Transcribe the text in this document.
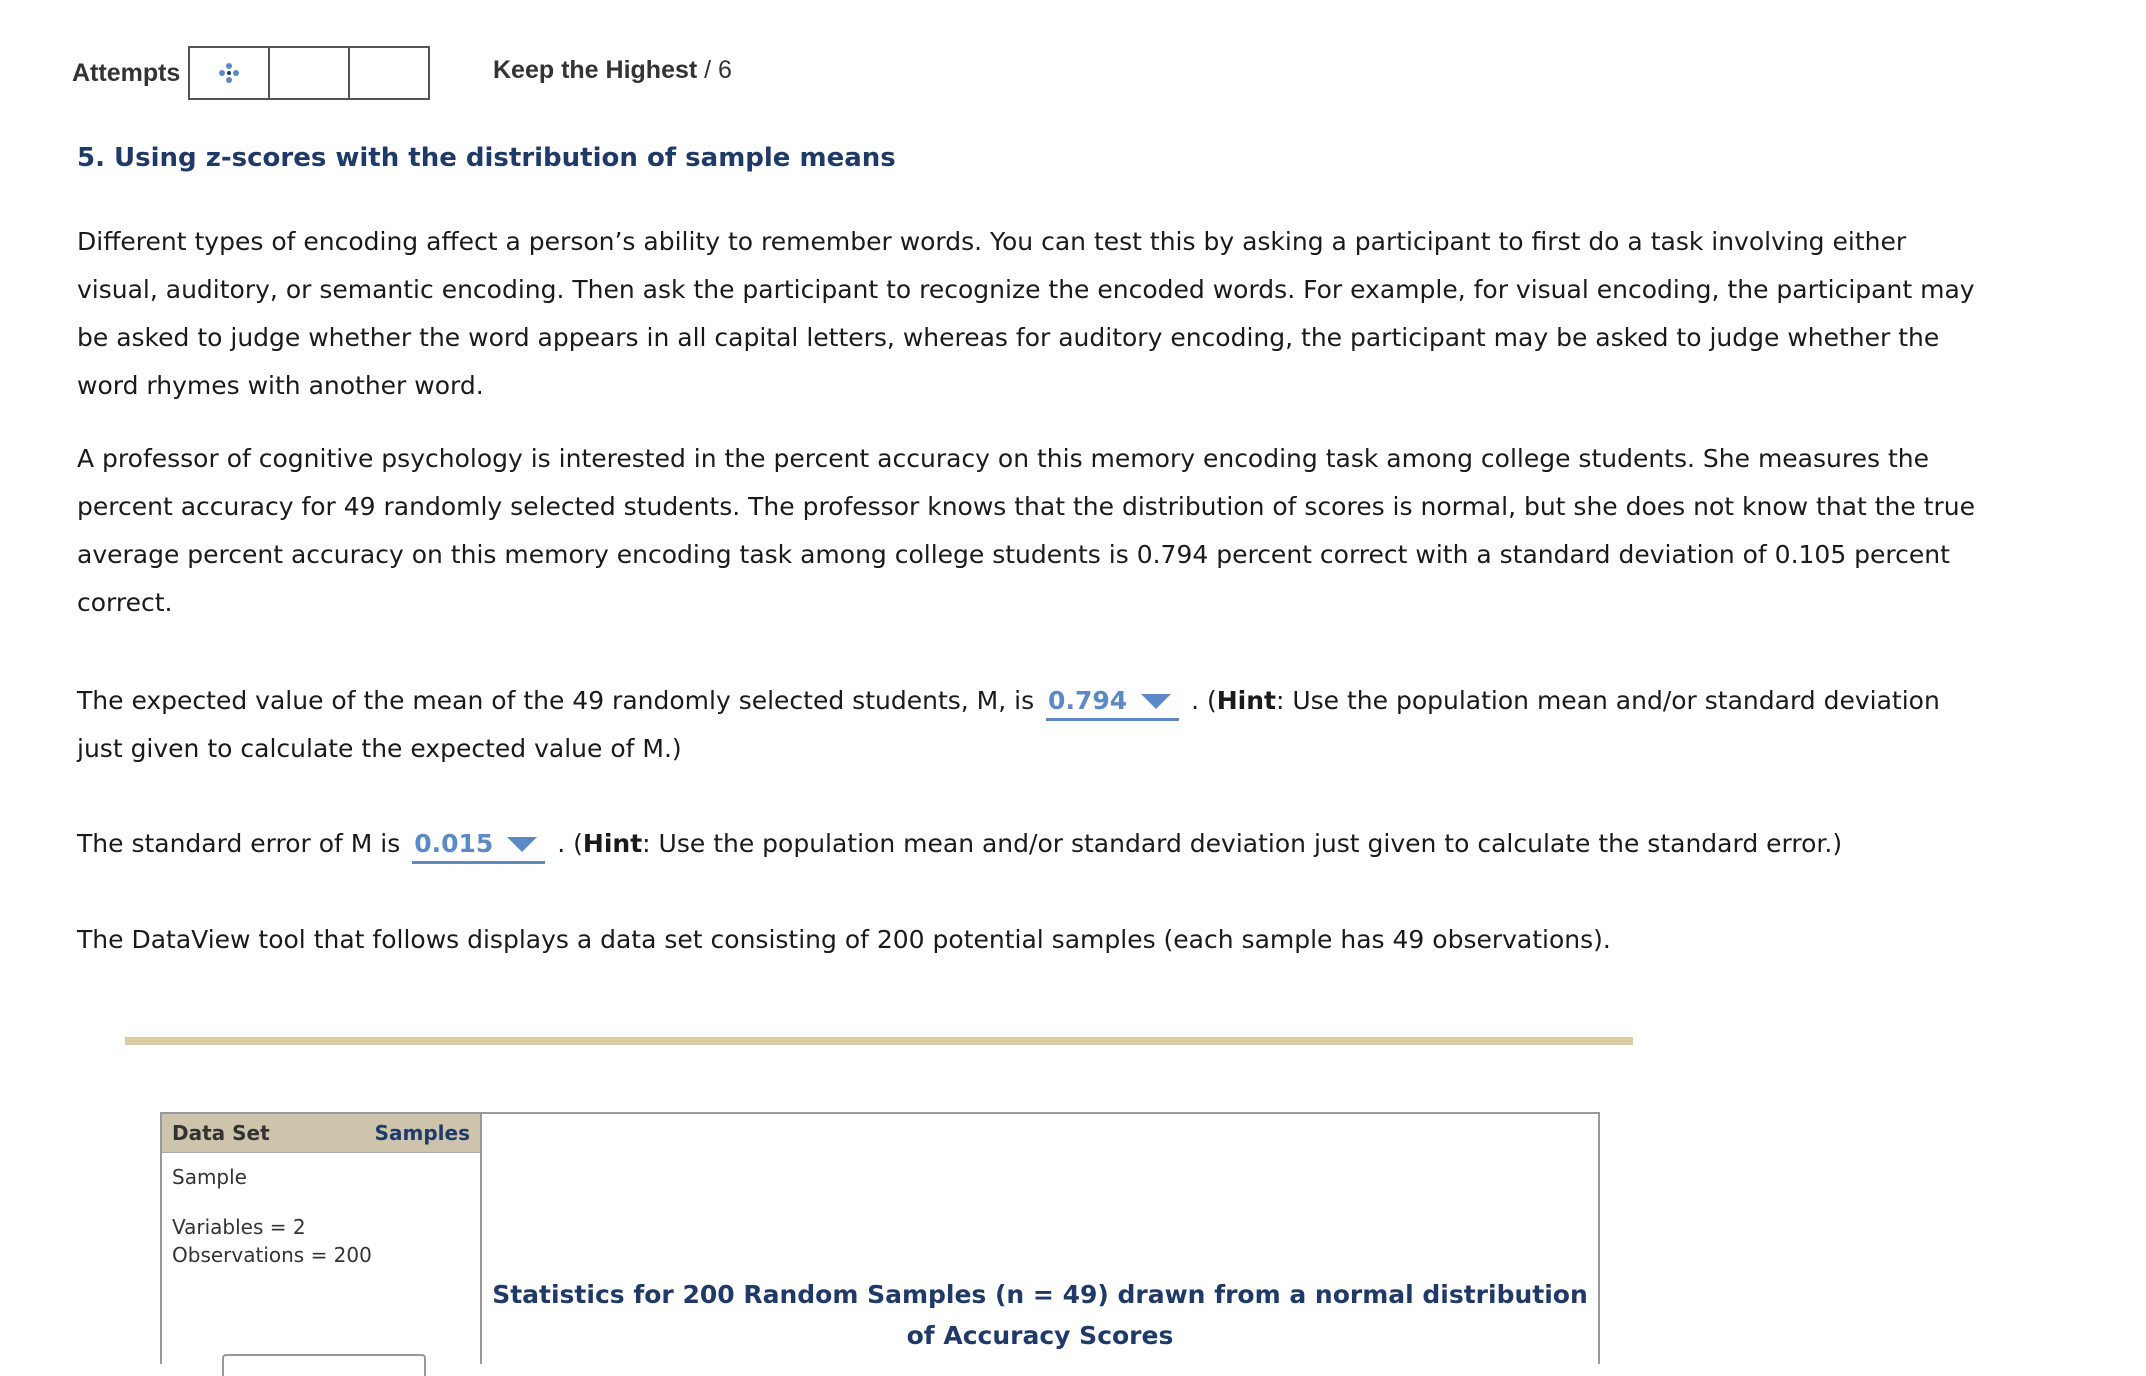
Attempts	Keep the Highest / 6
5. Using z-scores with the distribution of sample means
Different types of encoding affect a person’s ability to remember words. You can test this by asking a participant to first do a task involving either visual, auditory, or semantic encoding. Then ask the participant to recognize the encoded words. For example, for visual encoding, the participant may be asked to judge whether the word appears in all capital letters, whereas for auditory encoding, the participant may be asked to judge whether the word rhymes with another word.
A professor of cognitive psychology is interested in the percent accuracy on this memory encoding task among college students. She measures the percent accuracy for 49 randomly selected students. The professor knows that the distribution of scores is normal, but she does not know that the true average percent accuracy on this memory encoding task among college students is 0.794 percent correct with a standard deviation of 0.105 percent correct.
The expected value of the mean of the 49 randomly selected students, M, is 0.794	. (Hint: Use the population mean and/or standard deviation just given to calculate the expected value of M.)
The standard error of M is 0.015	. (Hint: Use the population mean and/or standard deviation just given to calculate the standard error.)
The DataView tool that follows displays a data set consisting of 200 potential samples (each sample has 49 observations).
Data Set	Samples
Sample
Variables = 2
Observations = 200
Statistics for 200 Random Samples (n = 49) drawn from a normal distribution of Accuracy Scores
